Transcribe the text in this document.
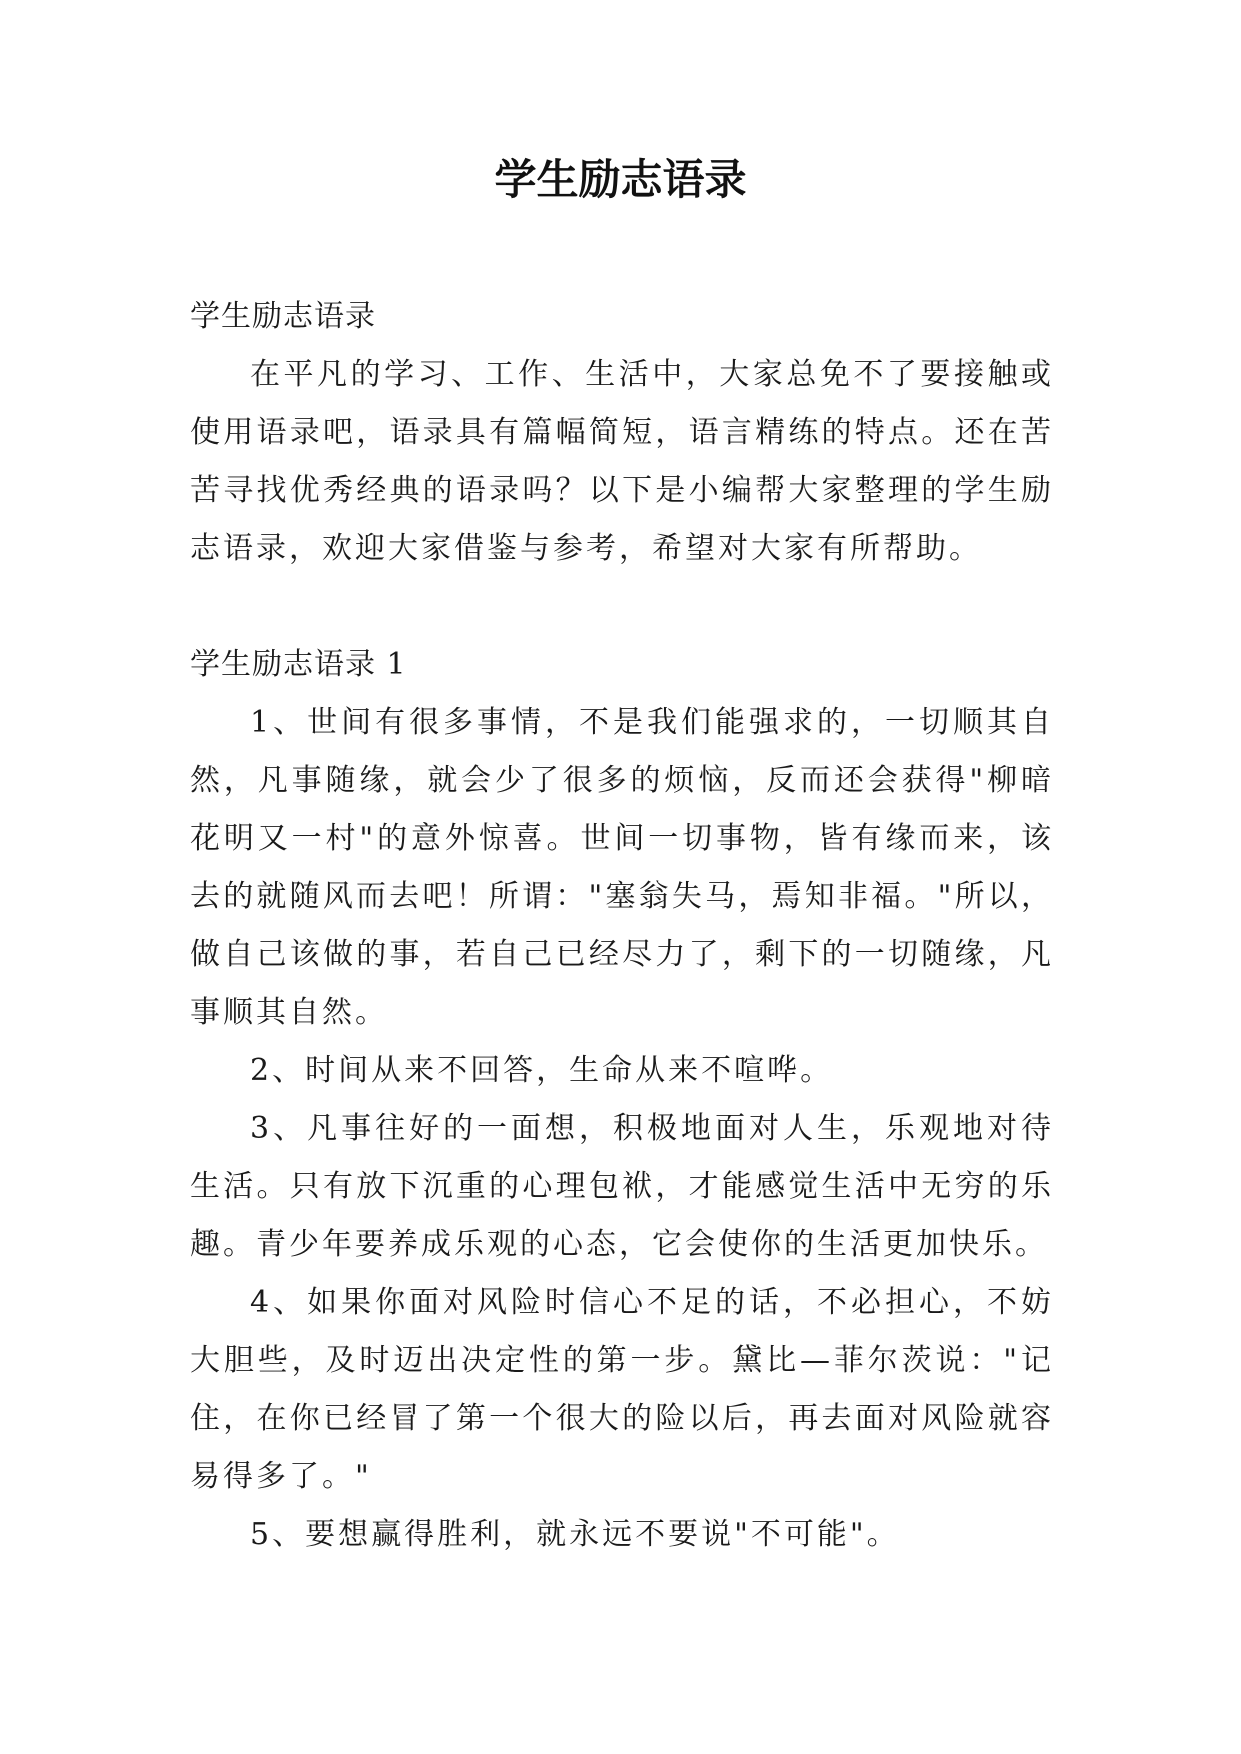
学生励志语录

学生励志语录

在平凡的学习、工作、生活中，大家总免不了要接触或使用语录吧，语录具有篇幅简短，语言精练的特点。还在苦苦寻找优秀经典的语录吗？以下是小编帮大家整理的学生励志语录，欢迎大家借鉴与参考，希望对大家有所帮助。

学生励志语录 1

1、世间有很多事情，不是我们能强求的，一切顺其自然，凡事随缘，就会少了很多的烦恼，反而还会获得"柳暗花明又一村"的意外惊喜。世间一切事物，皆有缘而来，该去的就随风而去吧！所谓："塞翁失马，焉知非福。"所以，做自己该做的事，若自己已经尽力了，剩下的一切随缘，凡事顺其自然。

2、时间从来不回答，生命从来不喧哗。

3、凡事往好的一面想，积极地面对人生，乐观地对待生活。只有放下沉重的心理包袱，才能感觉生活中无穷的乐趣。青少年要养成乐观的心态，它会使你的生活更加快乐。

4、如果你面对风险时信心不足的话，不必担心，不妨大胆些，及时迈出决定性的第一步。黛比—菲尔茨说："记住，在你已经冒了第一个很大的险以后，再去面对风险就容易得多了。"

5、要想赢得胜利，就永远不要说"不可能"。
